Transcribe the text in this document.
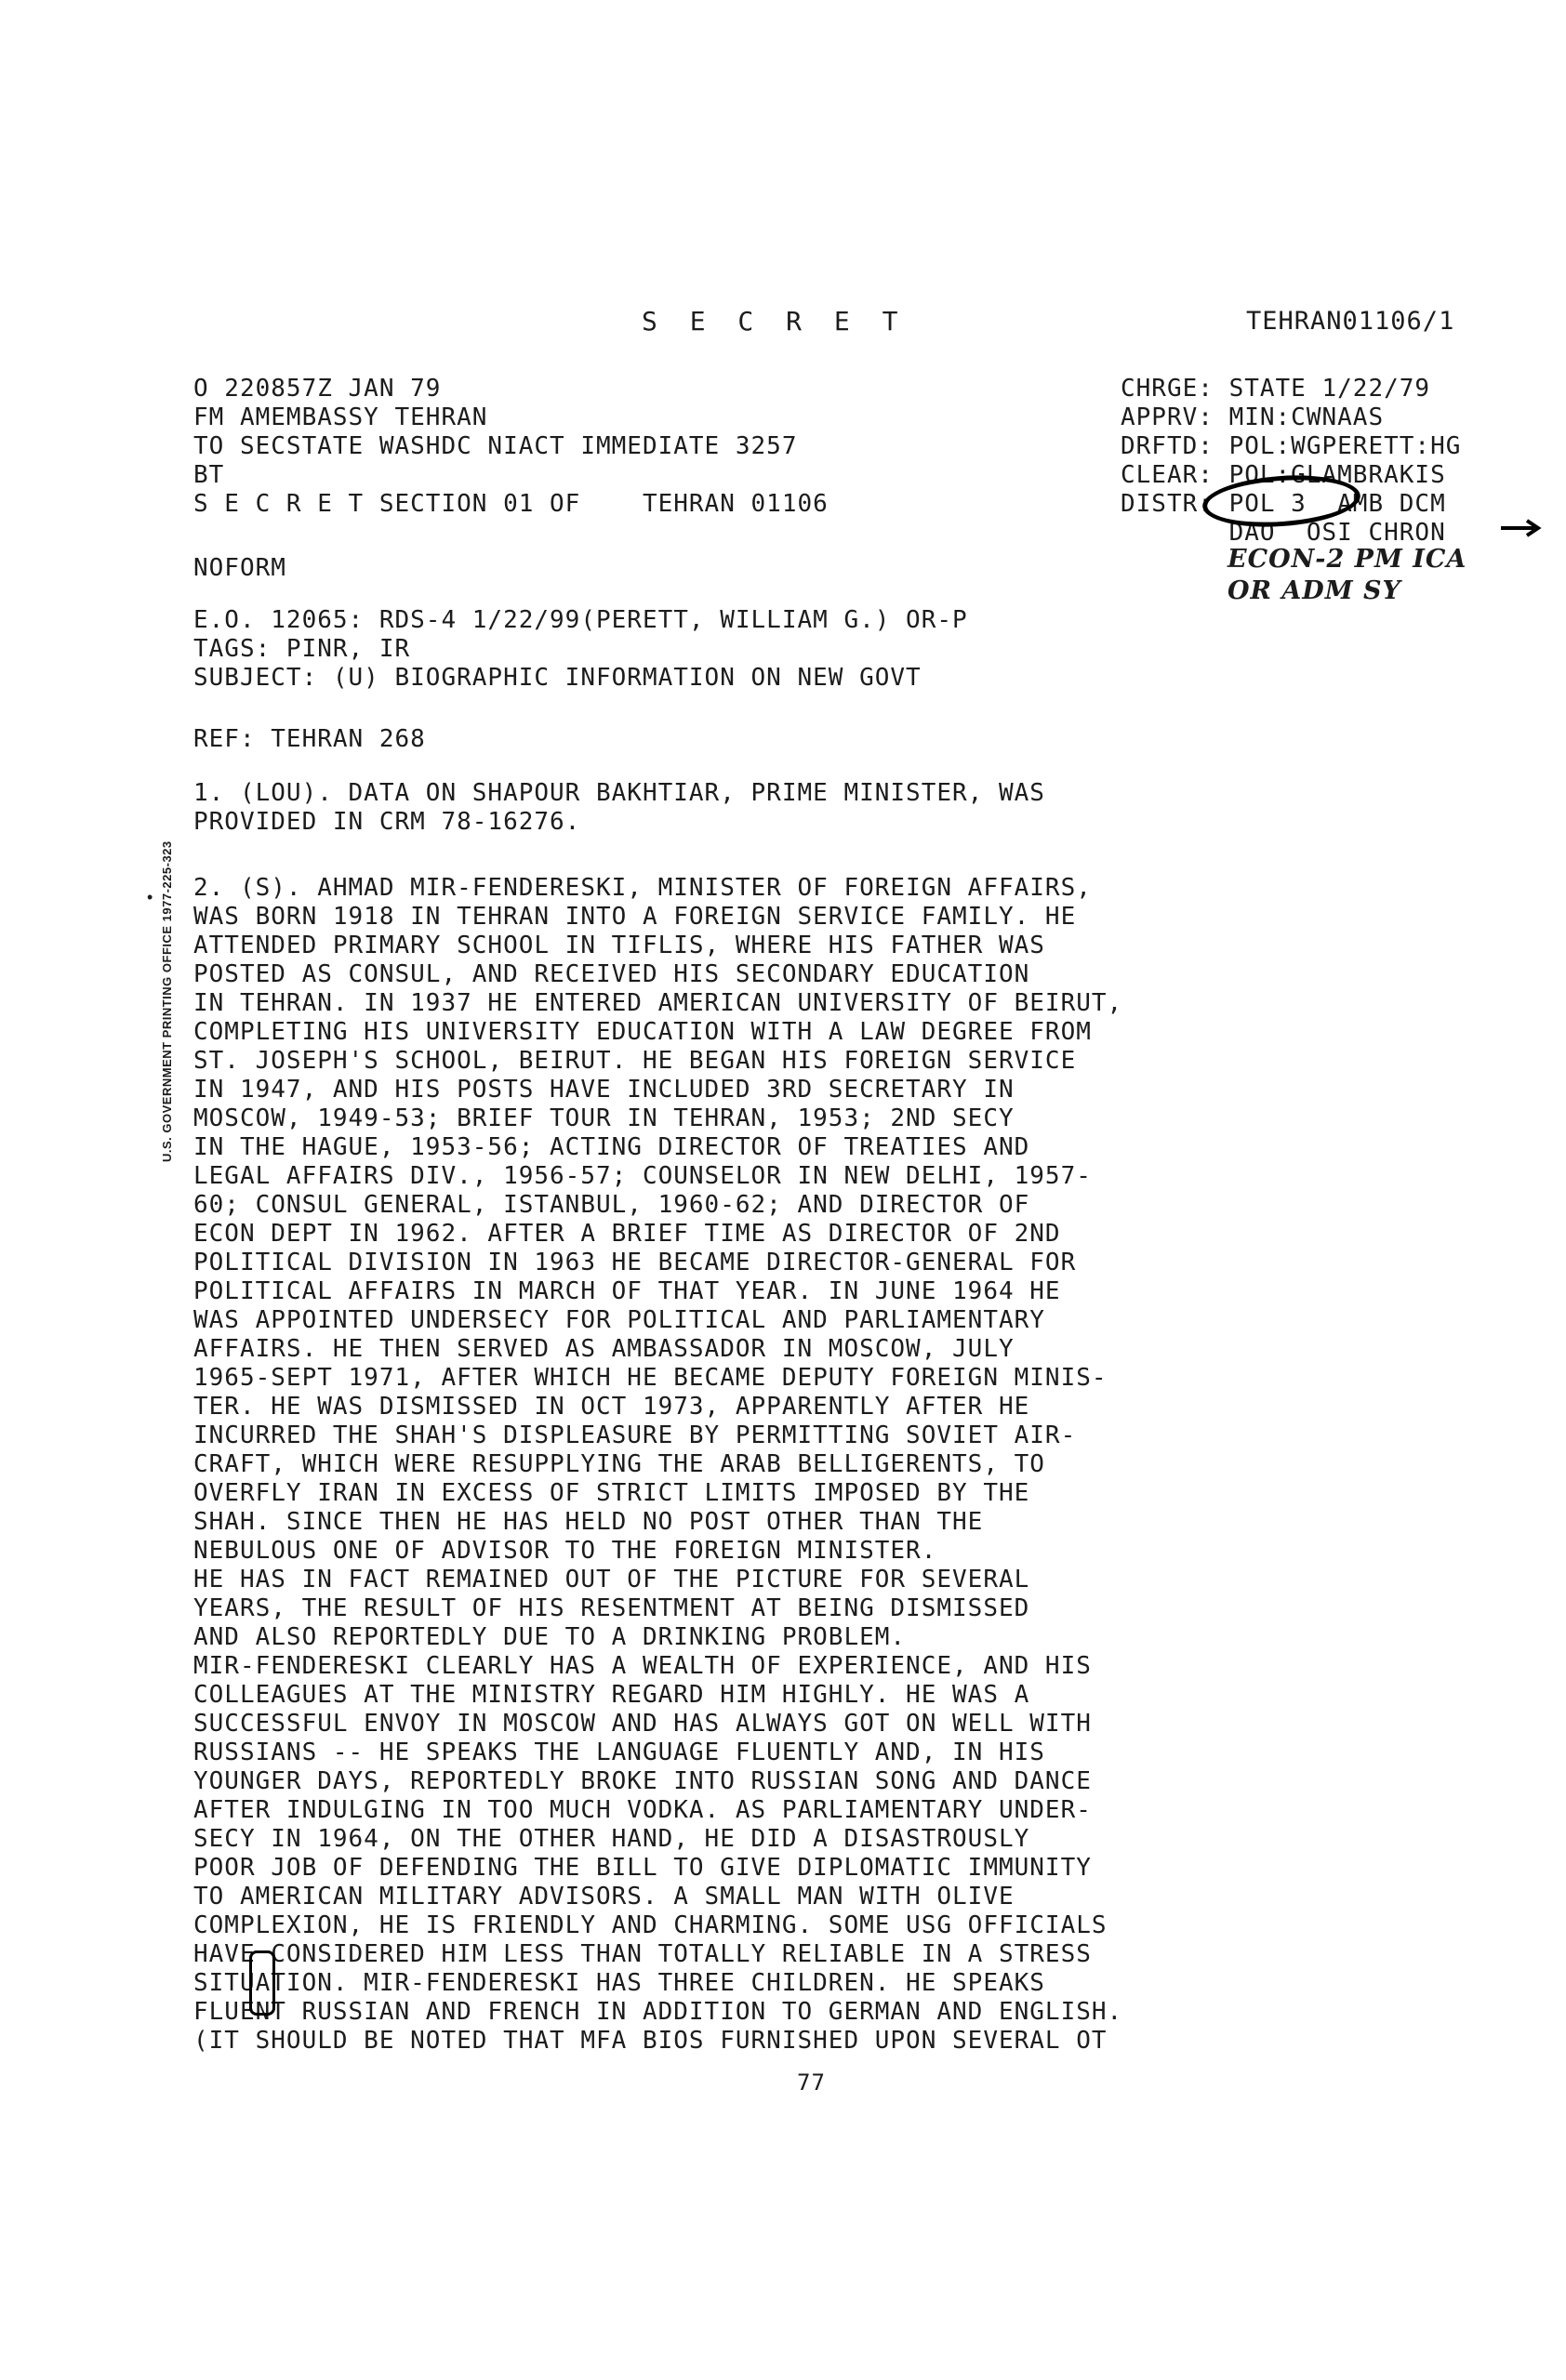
S E C R E T	TEHRAN01106/1
O 220857Z JAN 79
FM AMEMBASSY TEHRAN
TO SECSTATE WASHDC NIACT IMMEDIATE 3257
BT
S E C R E T SECTION 01 OF    TEHRAN 01106
CHRGE: STATE 1/22/79
APPRV: MIN:CWNAAS
DRFTD: POL:WGPERETT:HG
CLEAR: POL:GLAMBRAKIS
DISTR: POL 3  AMB DCM
DAO  OSI CHRON
ECON-2 PM ICA
OR ADM SY
NOFORM
E.O. 12065: RDS-4 1/22/99(PERETT, WILLIAM G.) OR-P
TAGS: PINR, IR
SUBJECT: (U) BIOGRAPHIC INFORMATION ON NEW GOVT
REF: TEHRAN 268
1. (LOU). DATA ON SHAPOUR BAKHTIAR, PRIME MINISTER, WAS
PROVIDED IN CRM 78-16276.
2. (S). AHMAD MIR-FENDERESKI, MINISTER OF FOREIGN AFFAIRS,
WAS BORN 1918 IN TEHRAN INTO A FOREIGN SERVICE FAMILY. HE
ATTENDED PRIMARY SCHOOL IN TIFLIS, WHERE HIS FATHER WAS
POSTED AS CONSUL, AND RECEIVED HIS SECONDARY EDUCATION
IN TEHRAN. IN 1937 HE ENTERED AMERICAN UNIVERSITY OF BEIRUT,
COMPLETING HIS UNIVERSITY EDUCATION WITH A LAW DEGREE FROM
ST. JOSEPH'S SCHOOL, BEIRUT. HE BEGAN HIS FOREIGN SERVICE
IN 1947, AND HIS POSTS HAVE INCLUDED 3RD SECRETARY IN
MOSCOW, 1949-53; BRIEF TOUR IN TEHRAN, 1953; 2ND SECY
IN THE HAGUE, 1953-56; ACTING DIRECTOR OF TREATIES AND
LEGAL AFFAIRS DIV., 1956-57; COUNSELOR IN NEW DELHI, 1957-
60; CONSUL GENERAL, ISTANBUL, 1960-62; AND DIRECTOR OF
ECON DEPT IN 1962. AFTER A BRIEF TIME AS DIRECTOR OF 2ND
POLITICAL DIVISION IN 1963 HE BECAME DIRECTOR-GENERAL FOR
POLITICAL AFFAIRS IN MARCH OF THAT YEAR. IN JUNE 1964 HE
WAS APPOINTED UNDERSECY FOR POLITICAL AND PARLIAMENTARY
AFFAIRS. HE THEN SERVED AS AMBASSADOR IN MOSCOW, JULY
1965-SEPT 1971, AFTER WHICH HE BECAME DEPUTY FOREIGN MINIS-
TER. HE WAS DISMISSED IN OCT 1973, APPARENTLY AFTER HE
INCURRED THE SHAH'S DISPLEASURE BY PERMITTING SOVIET AIR-
CRAFT, WHICH WERE RESUPPLYING THE ARAB BELLIGERENTS, TO
OVERFLY IRAN IN EXCESS OF STRICT LIMITS IMPOSED BY THE
SHAH. SINCE THEN HE HAS HELD NO POST OTHER THAN THE
NEBULOUS ONE OF ADVISOR TO THE FOREIGN MINISTER.
HE HAS IN FACT REMAINED OUT OF THE PICTURE FOR SEVERAL
YEARS, THE RESULT OF HIS RESENTMENT AT BEING DISMISSED
AND ALSO REPORTEDLY DUE TO A DRINKING PROBLEM.
MIR-FENDERESKI CLEARLY HAS A WEALTH OF EXPERIENCE, AND HIS
COLLEAGUES AT THE MINISTRY REGARD HIM HIGHLY. HE WAS A
SUCCESSFUL ENVOY IN MOSCOW AND HAS ALWAYS GOT ON WELL WITH
RUSSIANS -- HE SPEAKS THE LANGUAGE FLUENTLY AND, IN HIS
YOUNGER DAYS, REPORTEDLY BROKE INTO RUSSIAN SONG AND DANCE
AFTER INDULGING IN TOO MUCH VODKA. AS PARLIAMENTARY UNDER-
SECY IN 1964, ON THE OTHER HAND, HE DID A DISASTROUSLY
POOR JOB OF DEFENDING THE BILL TO GIVE DIPLOMATIC IMMUNITY
TO AMERICAN MILITARY ADVISORS. A SMALL MAN WITH OLIVE
COMPLEXION, HE IS FRIENDLY AND CHARMING. SOME USG OFFICIALS
HAVE CONSIDERED HIM LESS THAN TOTALLY RELIABLE IN A STRESS
SITUATION. MIR-FENDERESKI HAS THREE CHILDREN. HE SPEAKS
FLUENT RUSSIAN AND FRENCH IN ADDITION TO GERMAN AND ENGLISH.
(IT SHOULD BE NOTED THAT MFA BIOS FURNISHED UPON SEVERAL OT
• U.S. GOVERNMENT PRINTING OFFICE 1977-225-323
77
